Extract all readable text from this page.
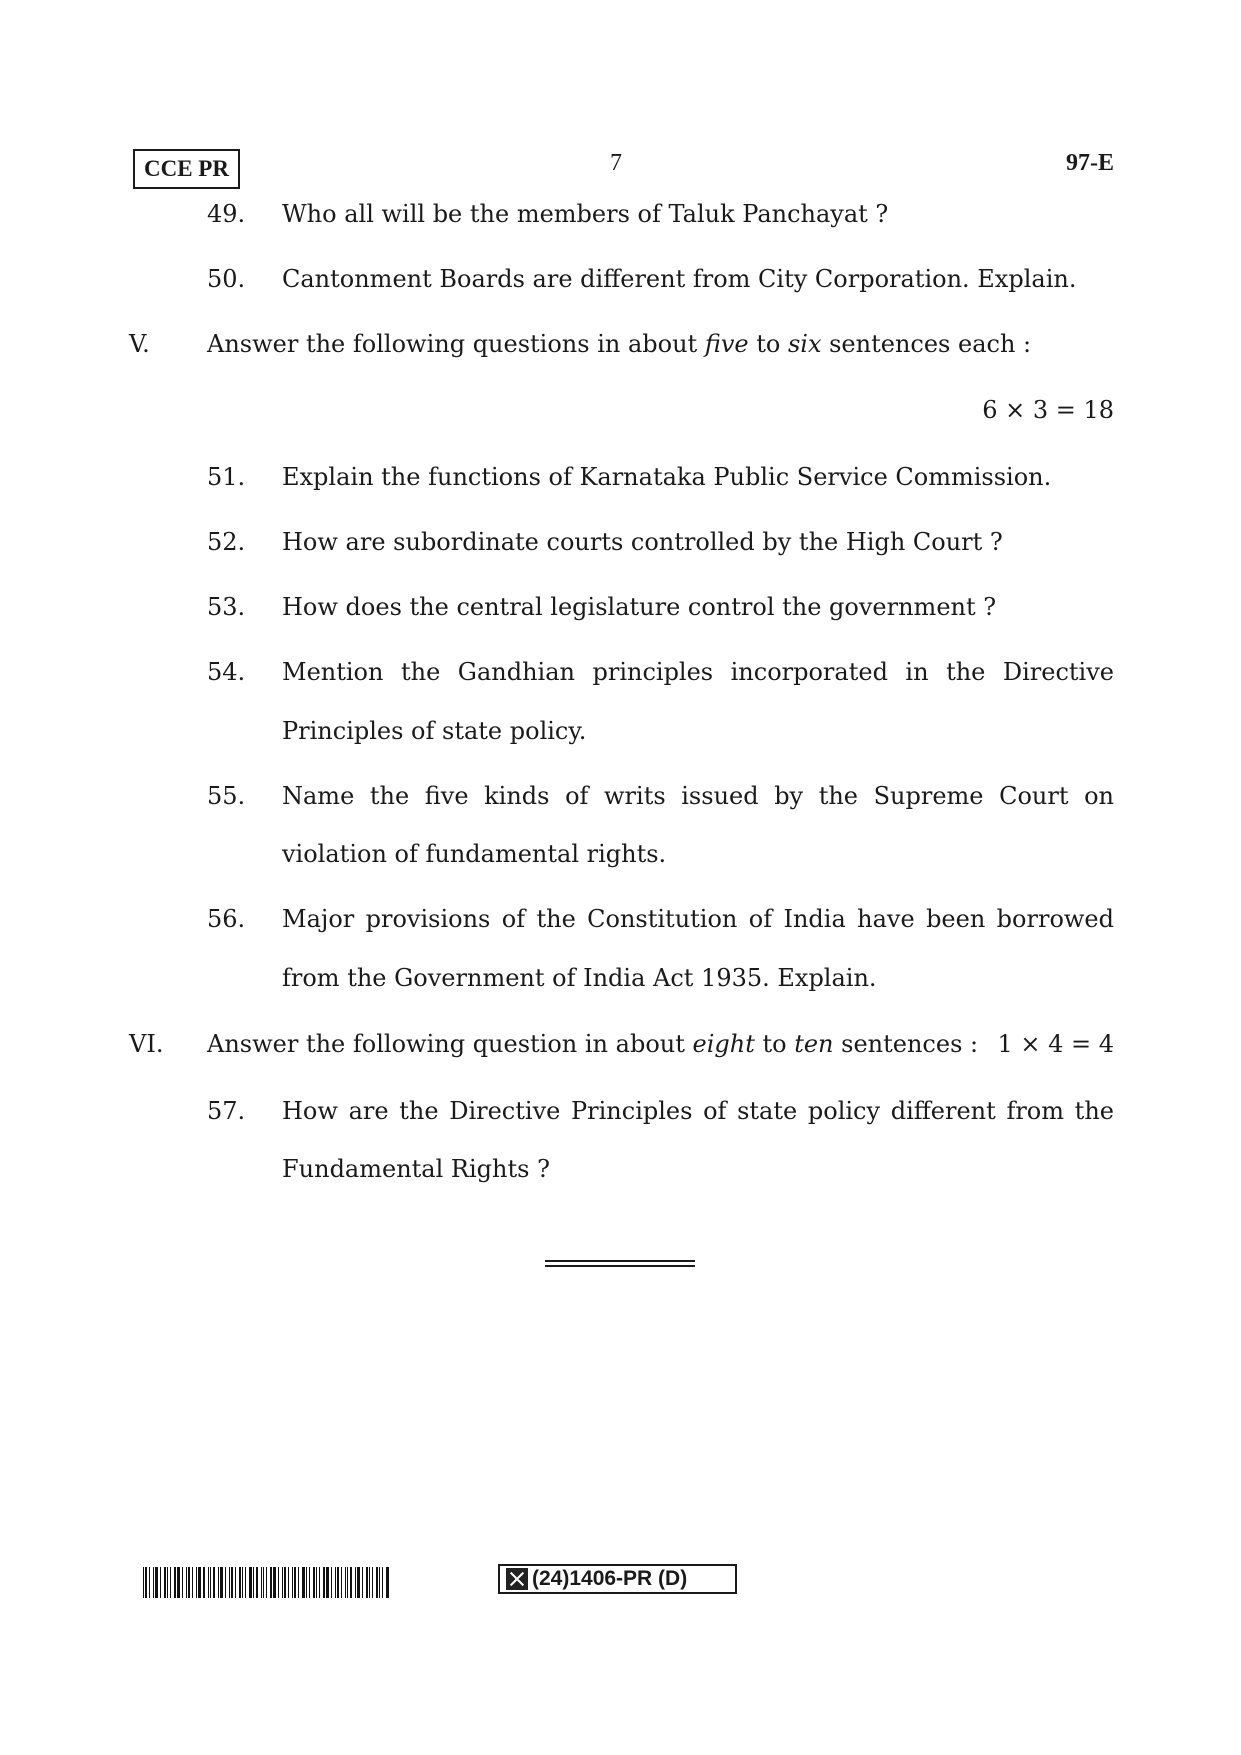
CCE PR	7	97-E
49. Who all will be the members of Taluk Panchayat ?
50. Cantonment Boards are different from City Corporation. Explain.
V. Answer the following questions in about five to six sentences each :
6 × 3 = 18
51. Explain the functions of Karnataka Public Service Commission.
52. How are subordinate courts controlled by the High Court ?
53. How does the central legislature control the government ?
54. Mention the Gandhian principles incorporated in the Directive
Principles of state policy.
55. Name the five kinds of writs issued by the Supreme Court on
violation of fundamental rights.
56. Major provisions of the Constitution of India have been borrowed
from the Government of India Act 1935. Explain.
VI. Answer the following question in about eight to ten sentences : 1 × 4 = 4
57. How are the Directive Principles of state policy different from the
Fundamental Rights ?
(24)1406-PR (D)
